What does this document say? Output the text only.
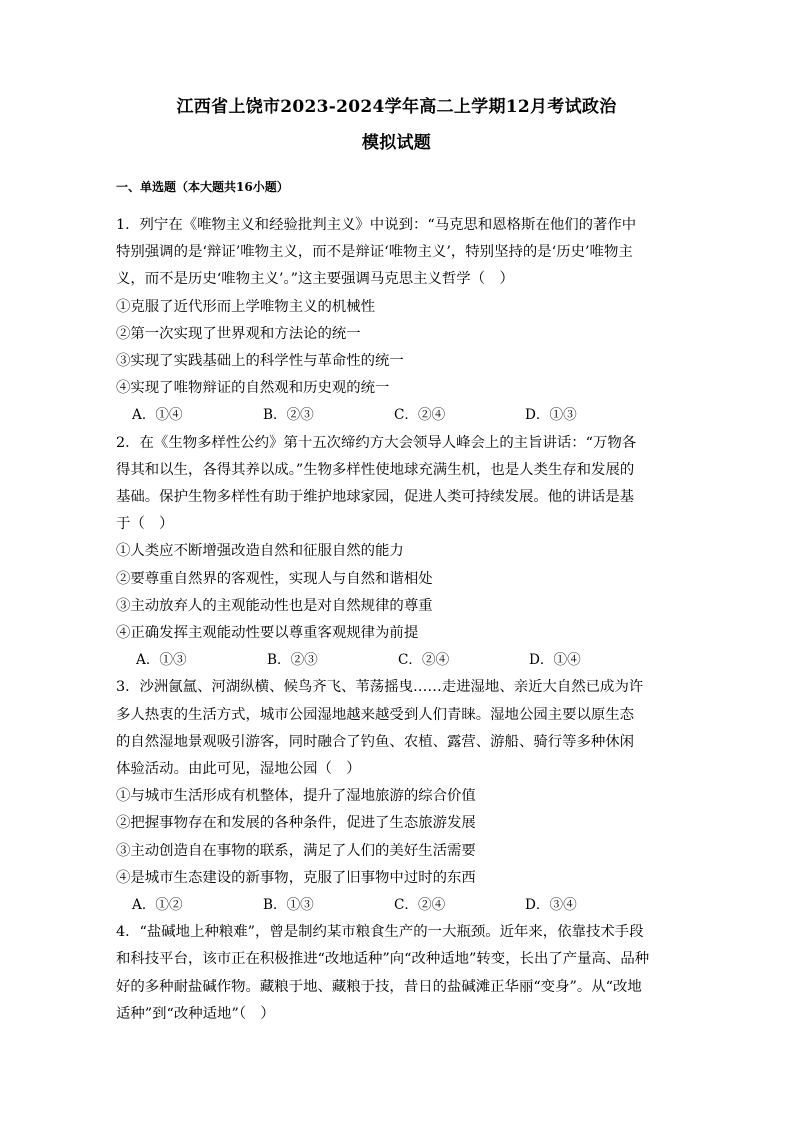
江西省上饶市2023-2024学年高二上学期12月考试政治
模拟试题
一、单选题（本大题共16小题）

1．列宁在《唯物主义和经验批判主义》中说到：“马克思和恩格斯在他们的著作中

特别强调的是‘辩证’唯物主义，而不是辩证‘唯物主义’，特别坚持的是‘历史’唯物主

义，而不是历史‘唯物主义’。”这主要强调马克思主义哲学（　）

①克服了近代形而上学唯物主义的机械性

②第一次实现了世界观和方法论的统一

③实现了实践基础上的科学性与革命性的统一

④实现了唯物辩证的自然观和历史观的统一

A．①④	B．②③	C．②④	D．①③

2．在《生物多样性公约》第十五次缔约方大会领导人峰会上的主旨讲话：“万物各

得其和以生，各得其养以成。”生物多样性使地球充满生机，也是人类生存和发展的

基础。保护生物多样性有助于维护地球家园，促进人类可持续发展。他的讲话是基

于（　）

①人类应不断增强改造自然和征服自然的能力

②要尊重自然界的客观性，实现人与自然和谐相处

③主动放弃人的主观能动性也是对自然规律的尊重

④正确发挥主观能动性要以尊重客观规律为前提

A．①③	B．②③	C．②④	D．①④

3．沙洲氤氲、河湖纵横、候鸟齐飞、苇荡摇曳……走进湿地、亲近大自然已成为许

多人热衷的生活方式，城市公园湿地越来越受到人们青睐。湿地公园主要以原生态

的自然湿地景观吸引游客，同时融合了钓鱼、农植、露营、游船、骑行等多种休闲

体验活动。由此可见，湿地公园（　）

①与城市生活形成有机整体，提升了湿地旅游的综合价值

②把握事物存在和发展的各种条件，促进了生态旅游发展

③主动创造自在事物的联系，满足了人们的美好生活需要

④是城市生态建设的新事物，克服了旧事物中过时的东西

A．①②	B．①③	C．②④	D．③④

4．“盐碱地上种粮难”，曾是制约某市粮食生产的一大瓶颈。近年来，依靠技术手段

和科技平台，该市正在积极推进“改地适种”向“改种适地”转变，长出了产量高、品种

好的多种耐盐碱作物。藏粮于地、藏粮于技，昔日的盐碱滩正华丽“变身”。从“改地

适种”到“改种适地”（　）
